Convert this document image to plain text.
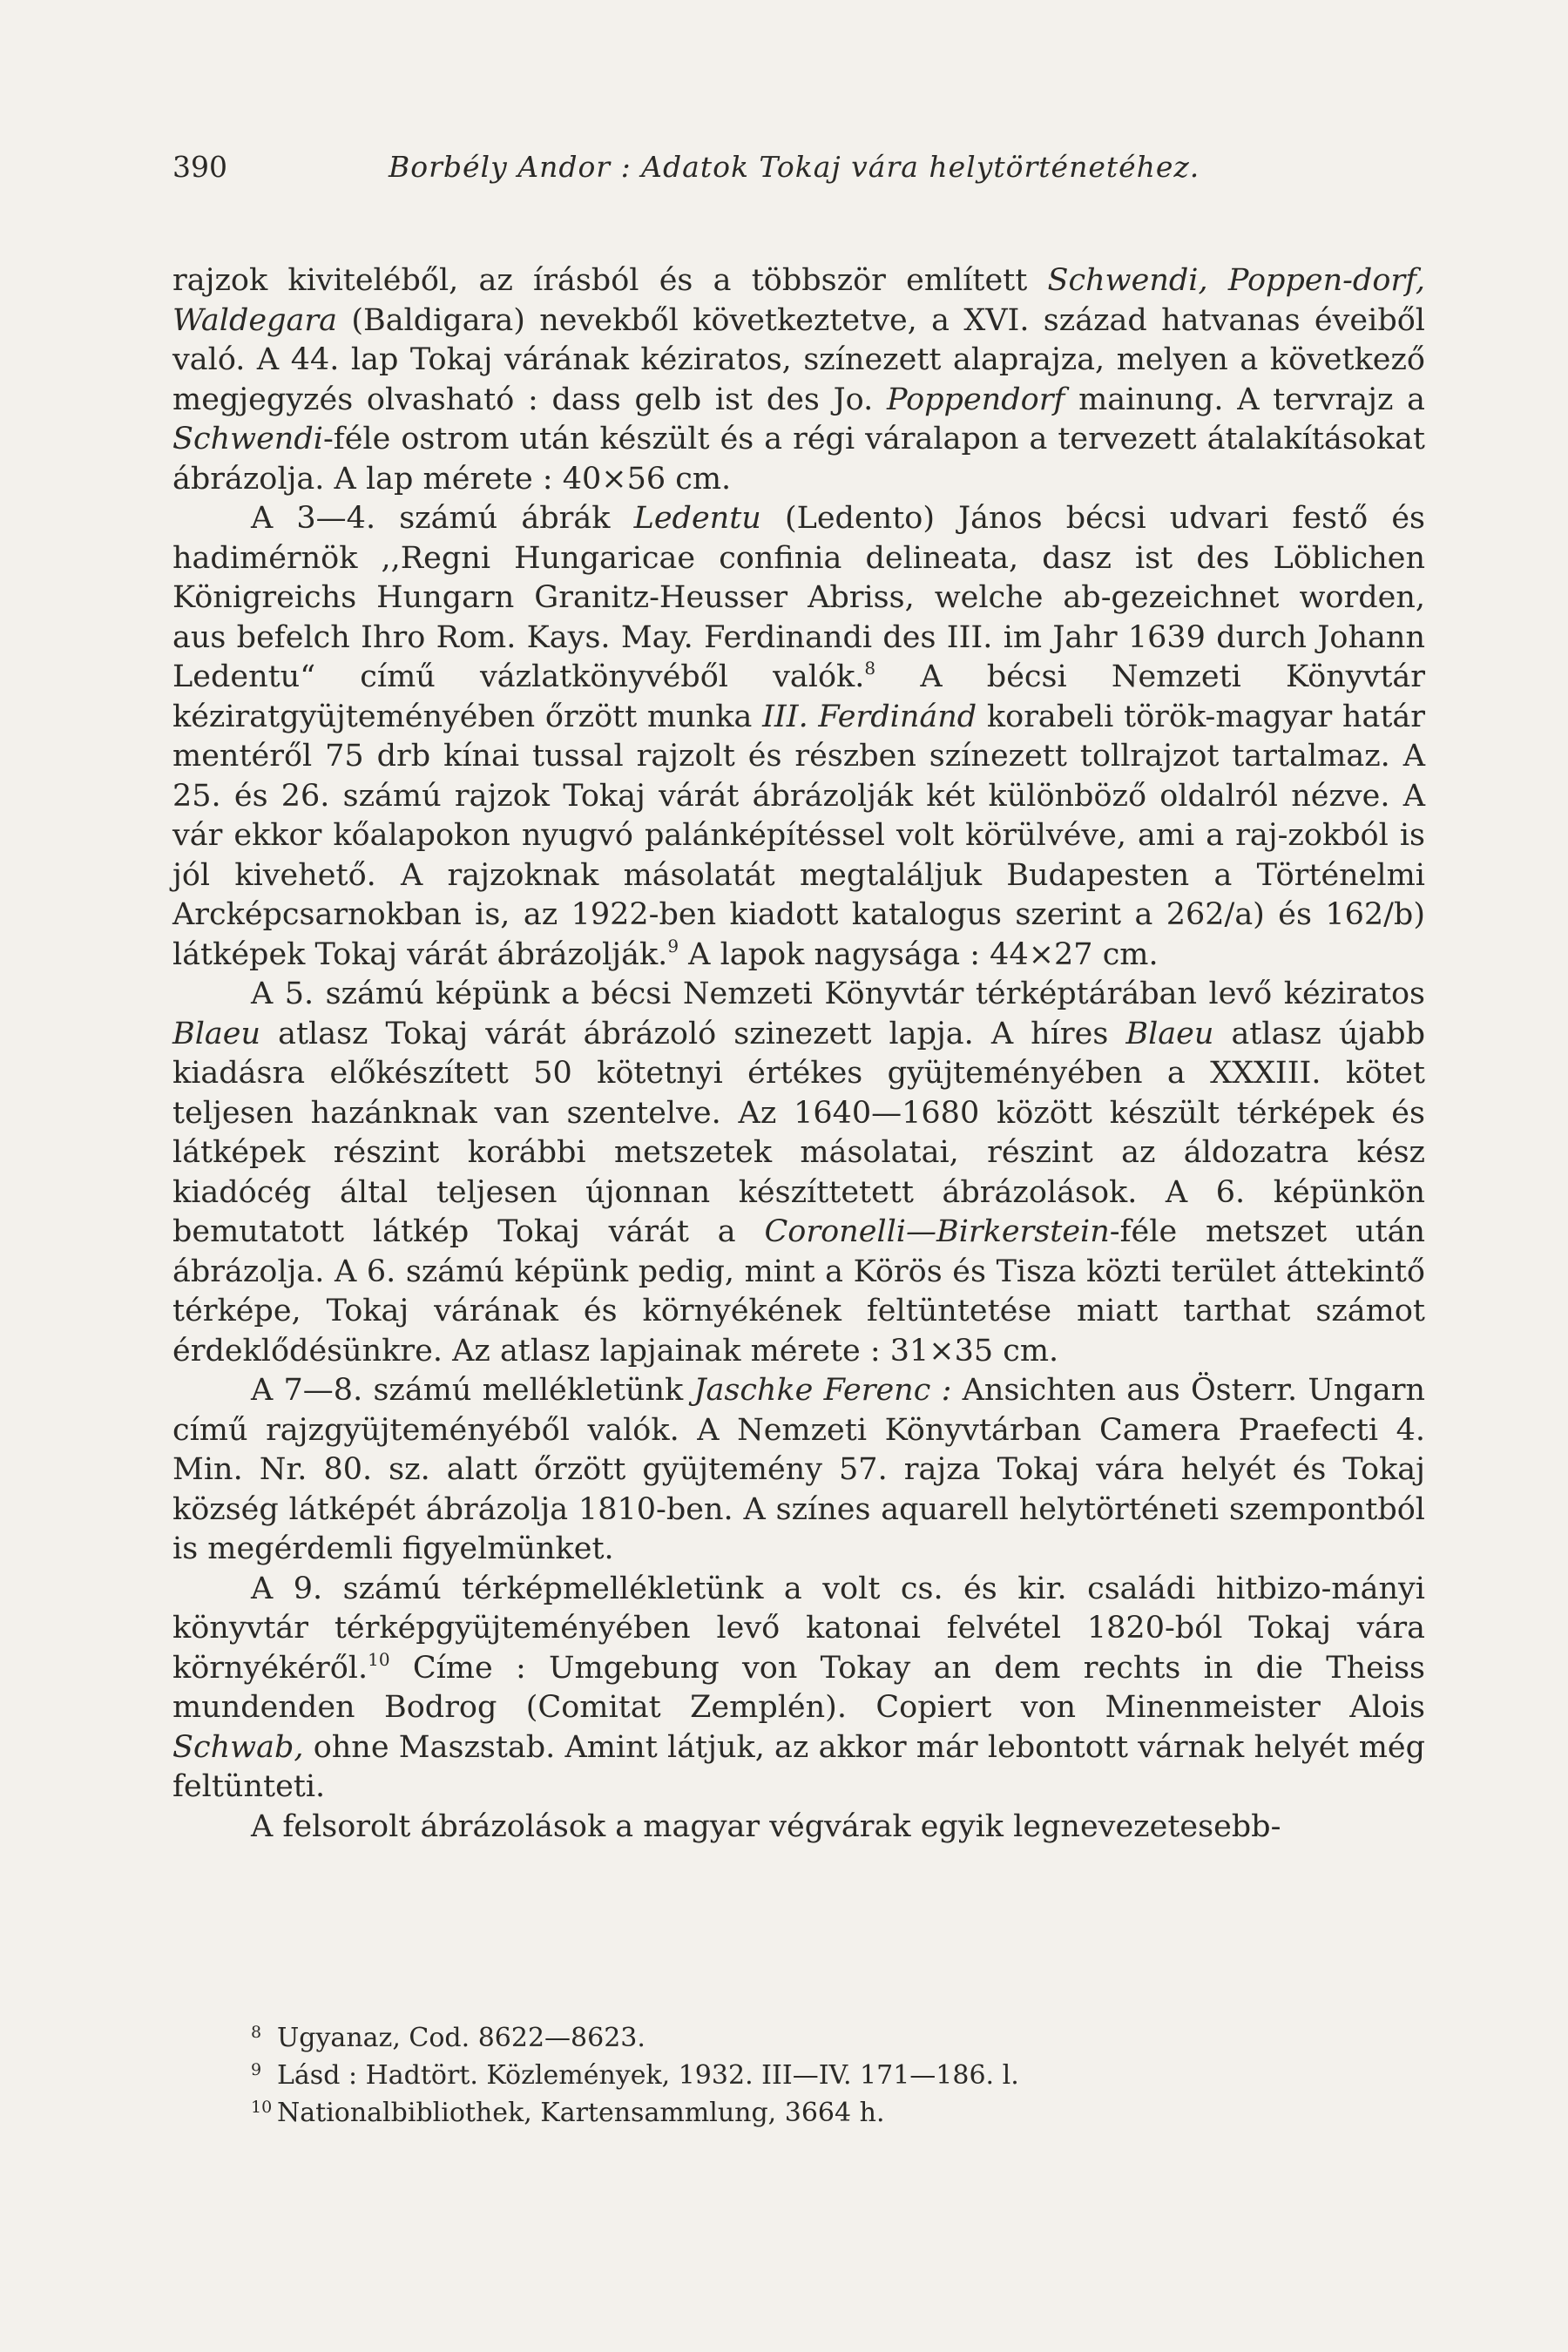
390	Borbély Andor : Adatok Tokaj vára helytörténetéhez.

rajzok kiviteléből, az írásból és a többször említett Schwendi, Poppen-dorf, Waldegara (Baldigara) nevekből következtetve, a XVI. század hatvanas éveiből való. A 44. lap Tokaj várának kéziratos, színezett alaprajza, melyen a következő megjegyzés olvasható : dass gelb ist des Jo. Poppendorf mainung. A tervrajz a Schwendi-féle ostrom után készült és a régi váralapon a tervezett átalakításokat ábrázolja. A lap mérete : 40×56 cm.

A 3—4. számú ábrák Ledentu (Ledento) János bécsi udvari festő és hadimérnök ,,Regni Hungaricae confinia delineata, dasz ist des Löblichen Königreichs Hungarn Granitz-Heusser Abriss, welche ab-gezeichnet worden, aus befelch Ihro Rom. Kays. May. Ferdinandi des III. im Jahr 1639 durch Johann Ledentu“ című vázlatkönyvéből valók.$^8$ A bécsi Nemzeti Könyvtár kéziratgyüjteményében őrzött munka III. Ferdinánd korabeli török-magyar határ mentéről 75 drb kínai tussal rajzolt és részben színezett tollrajzot tartalmaz. A 25. és 26. számú rajzok Tokaj várát ábrázolják két különböző oldalról nézve. A vár ekkor kőalapokon nyugvó palánképítéssel volt körülvéve, ami a raj-zokból is jól kivehető. A rajzoknak másolatát megtaláljuk Budapesten a Történelmi Arcképcsarnokban is, az 1922-ben kiadott katalogus szerint a 262/a) és 162/b) látképek Tokaj várát ábrázolják.$^9$ A lapok nagysága : 44×27 cm.

A 5. számú képünk a bécsi Nemzeti Könyvtár térképtárában levő kéziratos Blaeu atlasz Tokaj várát ábrázoló szinezett lapja. A híres Blaeu atlasz újabb kiadásra előkészített 50 kötetnyi értékes gyüjteményében a XXXIII. kötet teljesen hazánknak van szentelve. Az 1640—1680 között készült térképek és látképek részint korábbi metszetek másolatai, részint az áldozatra kész kiadócég által teljesen újonnan készíttetett ábrázolások. A 6. képünkön bemutatott látkép Tokaj várát a Coronelli—Birkerstein-féle metszet után ábrázolja. A 6. számú képünk pedig, mint a Körös és Tisza közti terület áttekintő térképe, Tokaj várának és környékének feltüntetése miatt tarthat számot érdeklődésünkre. Az atlasz lapjainak mérete : 31×35 cm.

A 7—8. számú mellékletünk Jaschke Ferenc : Ansichten aus Österr. Ungarn című rajzgyüjteményéből valók. A Nemzeti Könyvtárban Camera Praefecti 4. Min. Nr. 80. sz. alatt őrzött gyüjtemény 57. rajza Tokaj vára helyét és Tokaj község látképét ábrázolja 1810-ben. A színes aquarell helytörténeti szempontból is megérdemli figyelmünket.

A 9. számú térképmellékletünk a volt cs. és kir. családi hitbizo-mányi könyvtár térképgyüjteményében levő katonai felvétel 1820-ból Tokaj vára környékéről.$^{10}$ Címe : Umgebung von Tokay an dem rechts in die Theiss mundenden Bodrog (Comitat Zemplén). Copiert von Minenmeister Alois Schwab, ohne Maszstab. Amint látjuk, az akkor már lebontott várnak helyét még feltünteti.

A felsorolt ábrázolások a magyar végvárak egyik legnevezetesebb-

8 Ugyanaz, Cod. 8622—8623.
9 Lásd : Hadtört. Közlemények, 1932. III—IV. 171—186. l.
10 Nationalbibliothek, Kartensammlung, 3664 h.
